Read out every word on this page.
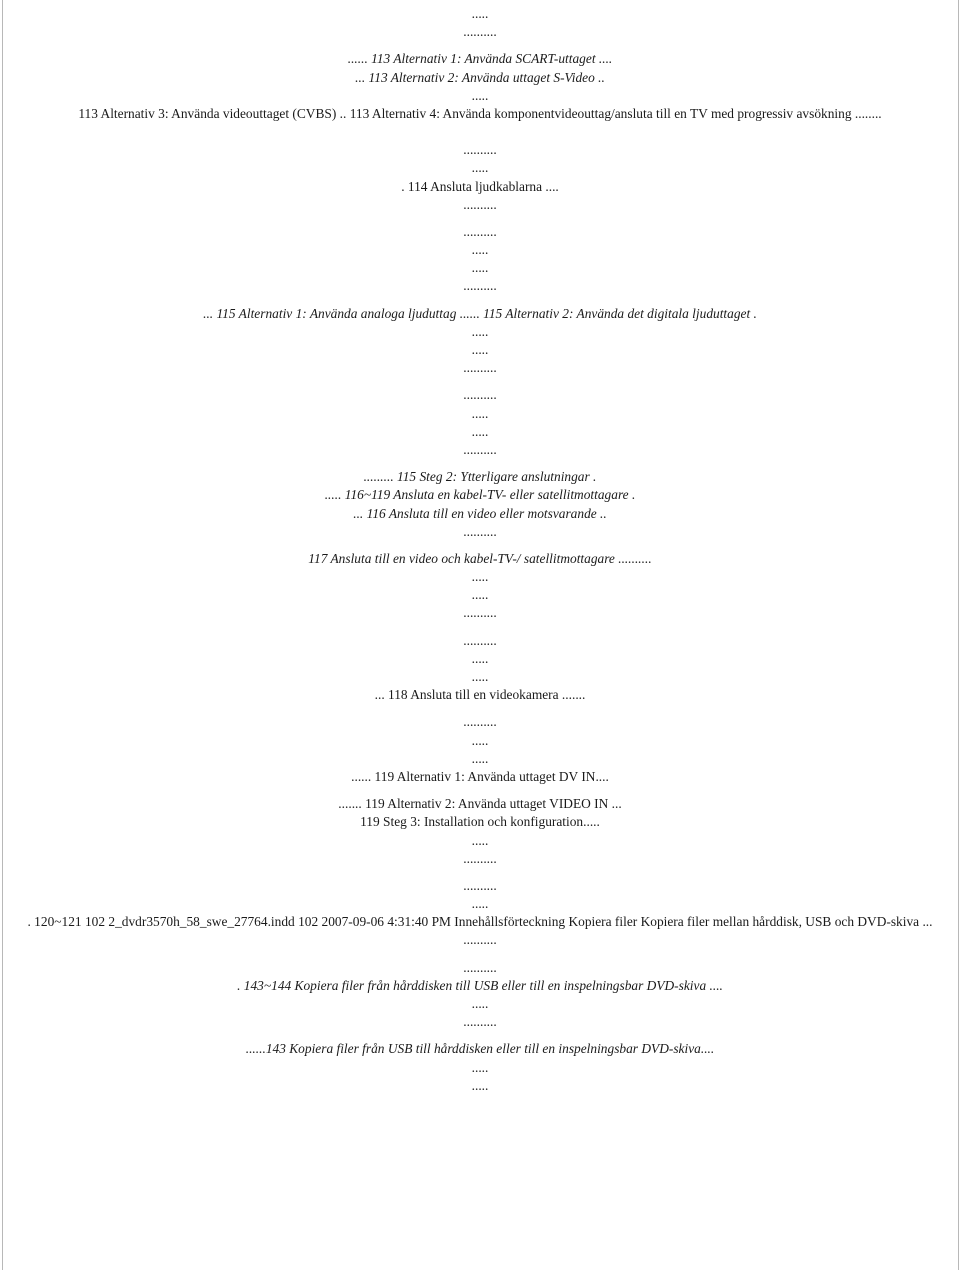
.....
..........
...... 113 Alternativ 1: Använda SCART-uttaget ....
... 113 Alternativ 2: Använda uttaget S-Video ..
.....
113 Alternativ 3: Använda videouttaget (CVBS) .. 113 Alternativ 4: Använda komponentvideouttag/ansluta till en TV med progressiv avsökning ........
..........
.....
. 114 Ansluta ljudkablarna ....
..........
..........
.....
.....
..........
... 115 Alternativ 1: Använda analoga ljuduttag ...... 115 Alternativ 2: Använda det digitala ljuduttaget .
.....
.....
..........
..........
.....
.....
..........
......... 115 Steg 2: Ytterligare anslutningar .
..... 116~119 Ansluta en kabel-TV- eller satellitmottagare .
... 116 Ansluta till en video eller motsvarande ..
..........
117 Ansluta till en video och kabel-TV-/ satellitmottagare ..........
.....
.....
..........
..........
.....
.....
... 118 Ansluta till en videokamera .......
..........
.....
.....
...... 119 Alternativ 1: Använda uttaget DV IN....
....... 119 Alternativ 2: Använda uttaget VIDEO IN ...
119 Steg 3: Installation och konfiguration.....
.....
..........
..........
.....
. 120~121 102 2_dvdr3570h_58_swe_27764.indd 102 2007-09-06 4:31:40 PM Innehållsförteckning Kopiera filer Kopiera filer mellan hårddisk, USB och DVD-skiva ...
..........
..........
. 143~144 Kopiera filer från hårddisken till USB eller till en inspelningsbar DVD-skiva ....
.....
..........
......143 Kopiera filer från USB till hårddisken eller till en inspelningsbar DVD-skiva....
.....
.....
